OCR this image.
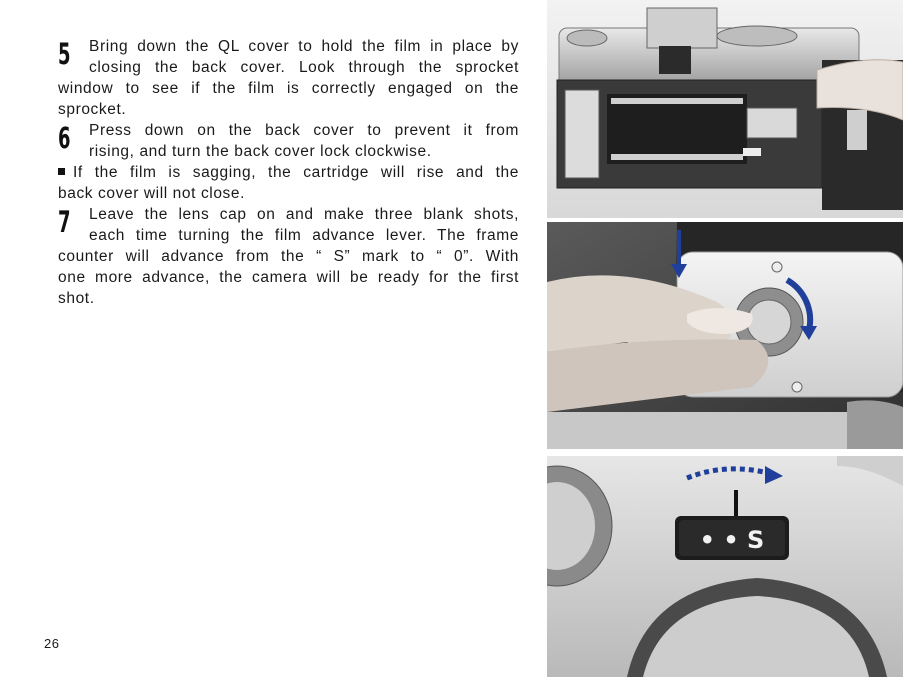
5	Bring down the QL cover to hold the film in place by
closing the back cover. Look through the sprocket
window to see if the film is correctly engaged on the
sprocket.
6	Press down on the back cover to prevent it from
rising, and turn the back cover lock clockwise.
If the film is sagging, the cartridge will rise and the
back cover will not close.
7	Leave the lens cap on and make three blank shots,
each time turning the film advance lever. The frame
counter will advance from the “ S” mark to “ 0”. With
one more advance, the camera will be ready for the first
shot.
26
• • S
